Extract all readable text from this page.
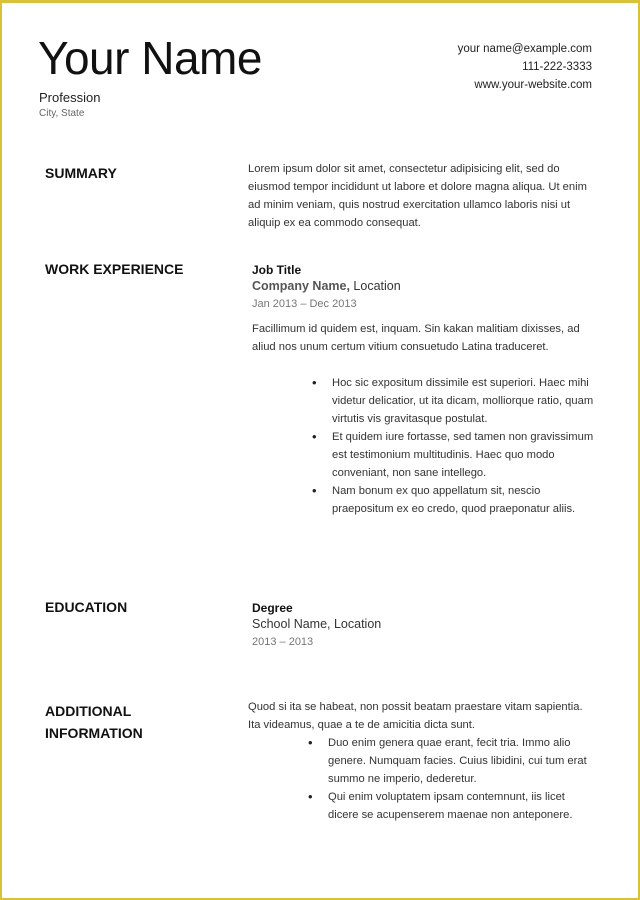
Your Name
Profession
City, State
your name@example.com
111-222-3333
www.your-website.com
SUMMARY	Lorem ipsum dolor sit amet, consectetur adipisicing elit, sed do eiusmod tempor incididunt ut labore et dolore magna aliqua. Ut enim ad minim veniam, quis nostrud exercitation ullamco laboris nisi ut aliquip ex ea commodo consequat.
WORK EXPERIENCE	Job Title
Company Name, Location
Jan 2013 – Dec 2013
Facillimum id quidem est, inquam. Sin kakan malitiam dixisses, ad aliud nos unum certum vitium consuetudo Latina traduceret.
• Hoc sic expositum dissimile est superiori. Haec mihi videtur delicatior, ut ita dicam, molliorque ratio, quam virtutis vis gravitasque postulat.
• Et quidem iure fortasse, sed tamen non gravissimum est testimonium multitudinis. Haec quo modo conveniant, non sane intellego.
• Nam bonum ex quo appellatum sit, nescio praepositum ex eo credo, quod praeponatur aliis.
EDUCATION	Degree
School Name, Location
2013 – 2013
ADDITIONAL
INFORMATION
Quod si ita se habeat, non possit beatam praestare vitam sapientia. Ita videamus, quae a te de amicitia dicta sunt.
• Duo enim genera quae erant, fecit tria. Immo alio genere. Numquam facies. Cuius libidini, cui tum erat summo ne imperio, dederetur.
• Qui enim voluptatem ipsam contemnunt, iis licet dicere se acupenserem maenae non anteponere.
